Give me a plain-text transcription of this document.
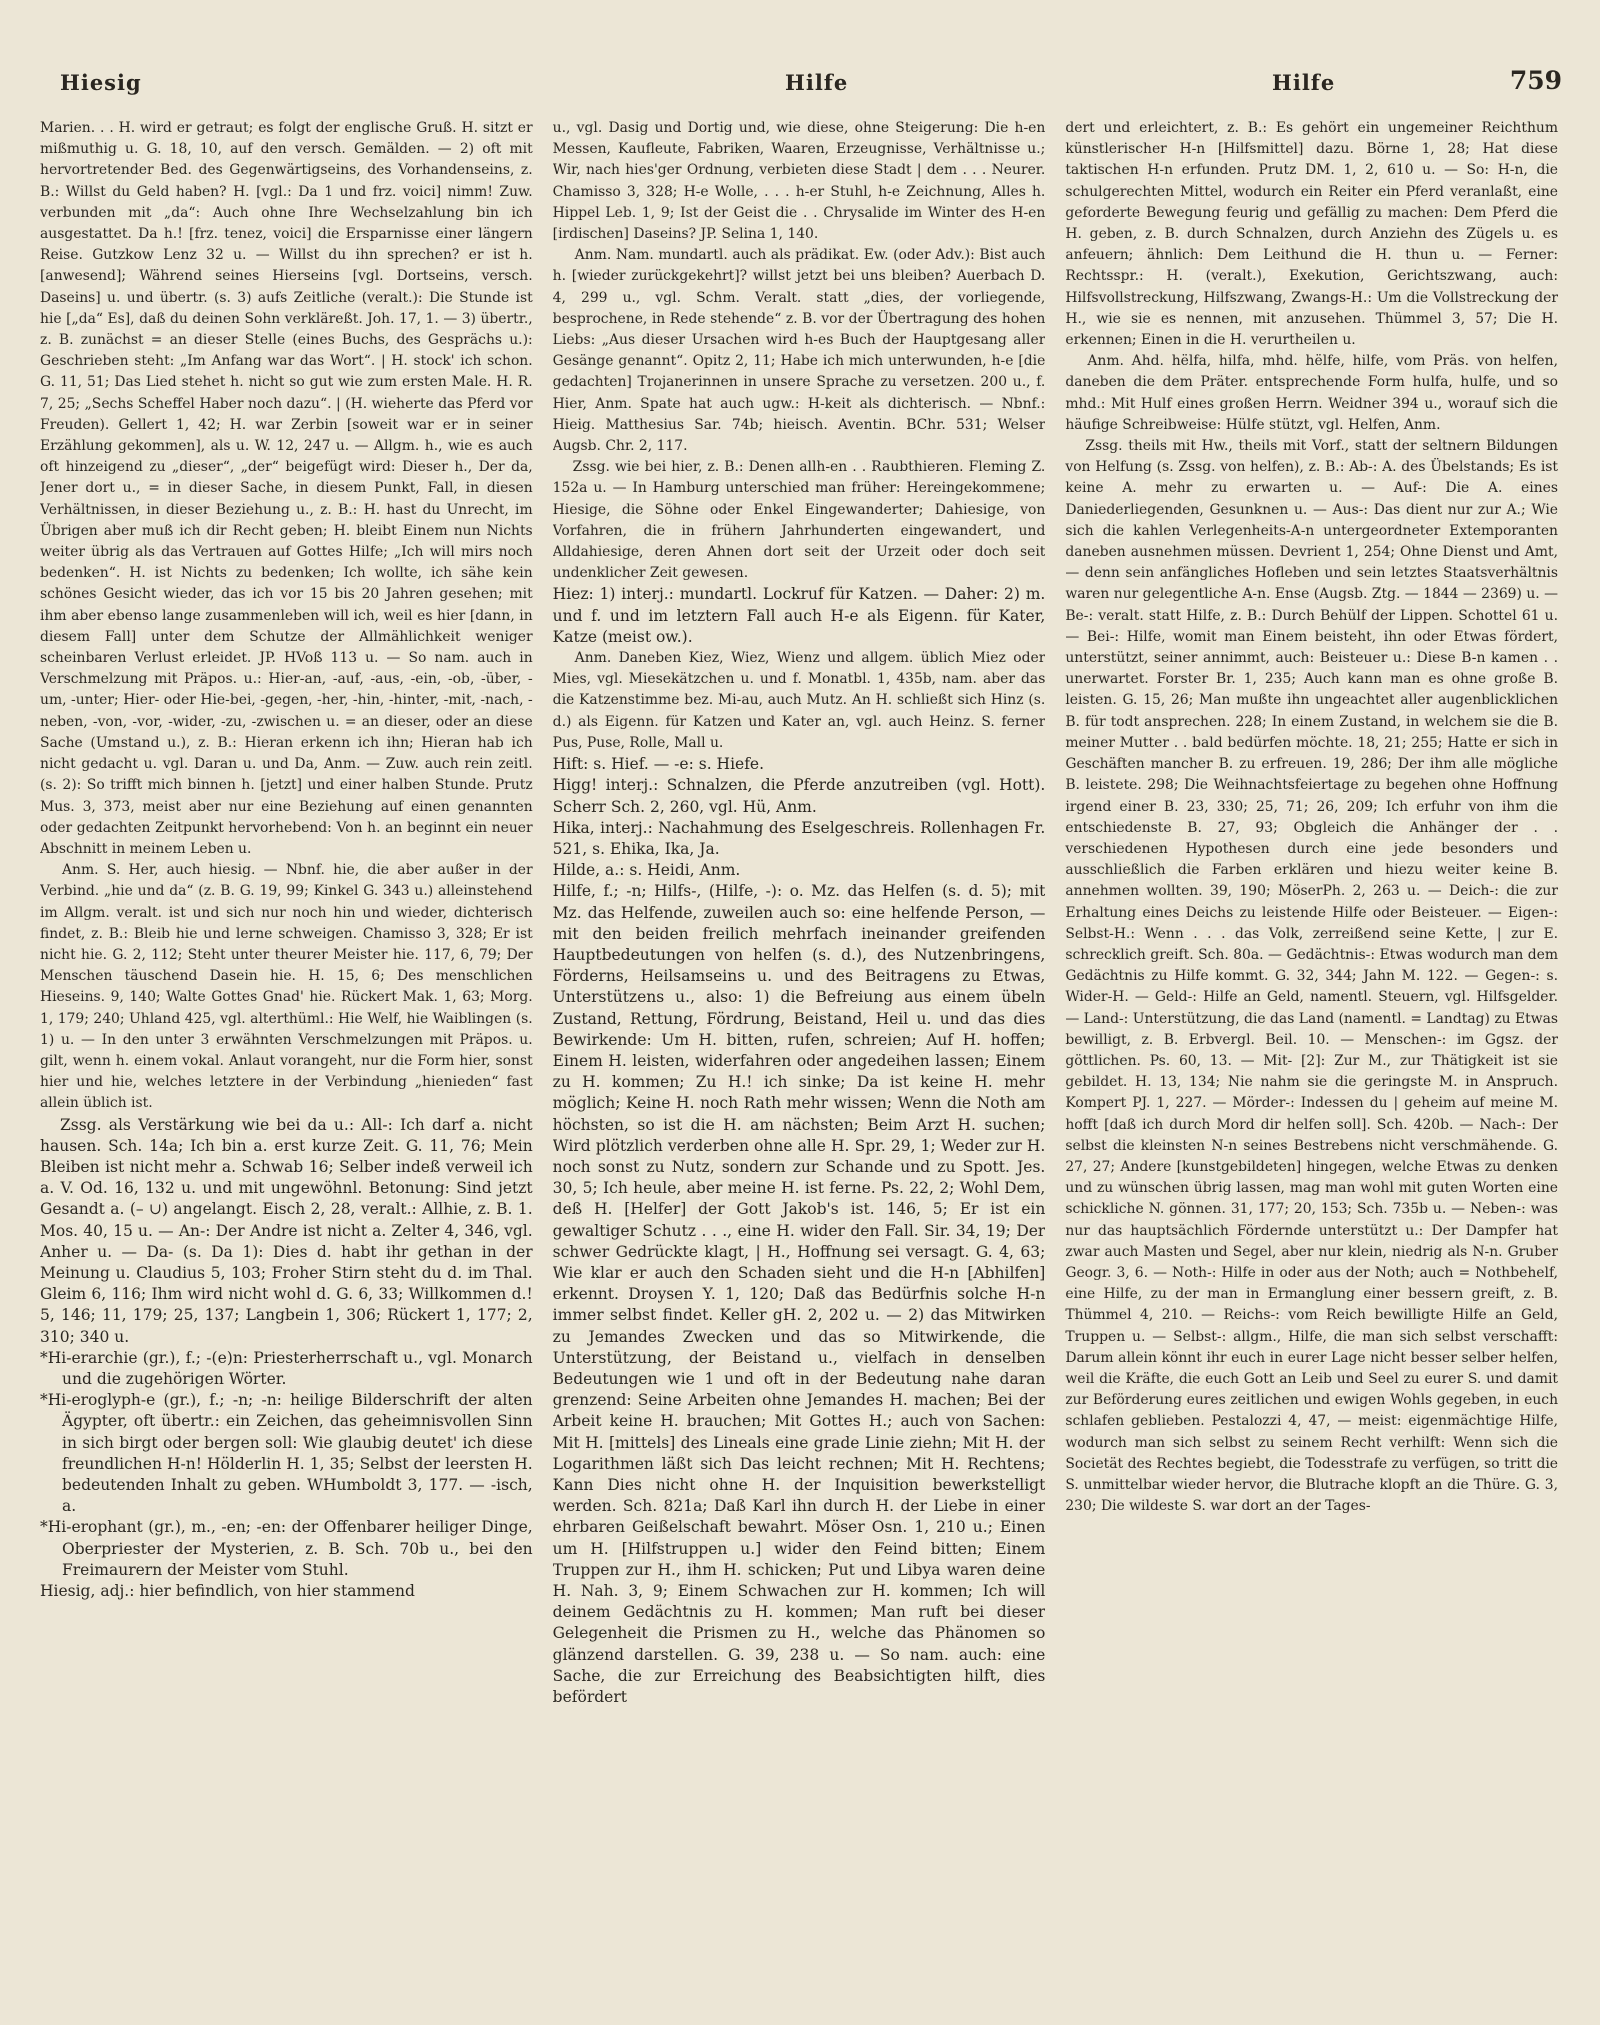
Hiesig	Hilfe	Hilfe	759

Marien. . . H. wird er getraut; es folgt der englische Gruß. H. sitzt er mißmuthig u. G. 18, 10, auf den versch. Gemälden. — 2) oft mit hervortretender Bed. des Gegenwärtigseins, des Vorhandenseins, z. B.: Willst du Geld haben? H. [vgl.: Da 1 und frz. voici] nimm! Zuw. verbunden mit „da“: Auch ohne Ihre Wechselzahlung bin ich ausgestattet. Da h.! [frz. tenez, voici] die Ersparnisse einer längern Reise. Gutzkow Lenz 32 u. — Willst du ihn sprechen? er ist h. [anwesend]; Während seines Hierseins [vgl. Dortseins, versch. Daseins] u. und übertr. (s. 3) aufs Zeitliche (veralt.): Die Stunde ist hie [„da“ Es], daß du deinen Sohn verkläreßt. Joh. 17, 1. — 3) übertr., z. B. zunächst = an dieser Stelle (eines Buchs, des Gesprächs u.): Geschrieben steht: „Im Anfang war das Wort“. | H. stock' ich schon. G. 11, 51; Das Lied stehet h. nicht so gut wie zum ersten Male. H. R. 7, 25; „Sechs Scheffel Haber noch dazu“. | (H. wieherte das Pferd vor Freuden). Gellert 1, 42; H. war Zerbin [soweit war er in seiner Erzählung gekommen], als u. W. 12, 247 u. — Allgm. h., wie es auch oft hinzeigend zu „dieser“, „der“ beigefügt wird: Dieser h., Der da, Jener dort u., = in dieser Sache, in diesem Punkt, Fall, in diesen Verhältnissen, in dieser Beziehung u., z. B.: H. hast du Unrecht, im Übrigen aber muß ich dir Recht geben; H. bleibt Einem nun Nichts weiter übrig als das Vertrauen auf Gottes Hilfe; „Ich will mirs noch bedenken“. H. ist Nichts zu bedenken; Ich wollte, ich sähe kein schönes Gesicht wieder, das ich vor 15 bis 20 Jahren gesehen; mit ihm aber ebenso lange zusammenleben will ich, weil es hier [dann, in diesem Fall] unter dem Schutze der Allmählichkeit weniger scheinbaren Verlust erleidet. JP. HVoß 113 u. — So nam. auch in Verschmelzung mit Präpos. u.: Hier-an, -auf, -aus, -ein, -ob, -über, -um, -unter; Hier- oder Hie-bei, -gegen, -her, -hin, -hinter, -mit, -nach, -neben, -von, -vor, -wider, -zu, -zwischen u. = an dieser, oder an diese Sache (Umstand u.), z. B.: Hieran erkenn ich ihn; Hieran hab ich nicht gedacht u. vgl. Daran u. und Da, Anm. — Zuw. auch rein zeitl. (s. 2): So trifft mich binnen h. [jetzt] und einer halben Stunde. Prutz Mus. 3, 373, meist aber nur eine Beziehung auf einen genannten oder gedachten Zeitpunkt hervorhebend: Von h. an beginnt ein neuer Abschnitt in meinem Leben u.

Anm. S. Her, auch hiesig. — Nbnf. hie, die aber außer in der Verbind. „hie und da“ (z. B. G. 19, 99; Kinkel G. 343 u.) alleinstehend im Allgm. veralt. ist und sich nur noch hin und wieder, dichterisch findet, z. B.: Bleib hie und lerne schweigen. Chamisso 3, 328; Er ist nicht hie. G. 2, 112; Steht unter theurer Meister hie. 117, 6, 79; Der Menschen täuschend Dasein hie. H. 15, 6; Des menschlichen Hieseins. 9, 140; Walte Gottes Gnad' hie. Rückert Mak. 1, 63; Morg. 1, 179; 240; Uhland 425, vgl. alterthüml.: Hie Welf, hie Waiblingen (s. 1) u. — In den unter 3 erwähnten Verschmelzungen mit Präpos. u. gilt, wenn h. einem vokal. Anlaut vorangeht, nur die Form hier, sonst hier und hie, welches letztere in der Verbindung „hienieden“ fast allein üblich ist.

Zssg. als Verstärkung wie bei da u.: All-: Ich darf a. nicht hausen. Sch. 14a; Ich bin a. erst kurze Zeit. G. 11, 76; Mein Bleiben ist nicht mehr a. Schwab 16; Selber indeß verweil ich a. V. Od. 16, 132 u. und mit ungewöhnl. Betonung: Sind jetzt Gesandt a. (– ∪) angelangt. Eisch 2, 28, veralt.: Allhie, z. B. 1. Mos. 40, 15 u. — An-: Der Andre ist nicht a. Zelter 4, 346, vgl. Anher u. — Da- (s. Da 1): Dies d. habt ihr gethan in der Meinung u. Claudius 5, 103; Froher Stirn steht du d. im Thal. Gleim 6, 116; Ihm wird nicht wohl d. G. 6, 33; Willkommen d.! 5, 146; 11, 179; 25, 137; Langbein 1, 306; Rückert 1, 177; 2, 310; 340 u.

*Hi-erarchie (gr.), f.; -(e)n: Priesterherrschaft u., vgl. Monarch und die zugehörigen Wörter.

*Hi-eroglyph-e (gr.), f.; -n; -n: heilige Bilderschrift der alten Ägypter, oft übertr.: ein Zeichen, das geheimnisvollen Sinn in sich birgt oder bergen soll: Wie glaubig deutet' ich diese freundlichen H-n! Hölderlin H. 1, 35; Selbst der leersten H. bedeutenden Inhalt zu geben. WHumboldt 3, 177. — -isch, a.

*Hi-erophant (gr.), m., -en; -en: der Offenbarer heiliger Dinge, Oberpriester der Mysterien, z. B. Sch. 70b u., bei den Freimaurern der Meister vom Stuhl.

Hiesig, adj.: hier befindlich, von hier stammend

u., vgl. Dasig und Dortig und, wie diese, ohne Steigerung: Die h-en Messen, Kaufleute, Fabriken, Waaren, Erzeugnisse, Verhältnisse u.; Wir, nach hies'ger Ordnung, verbieten diese Stadt | dem . . . Neurer. Chamisso 3, 328; H-e Wolle, . . . h-er Stuhl, h-e Zeichnung, Alles h. Hippel Leb. 1, 9; Ist der Geist die . . Chrysalide im Winter des H-en [irdischen] Daseins? JP. Selina 1, 140.

Anm. Nam. mundartl. auch als prädikat. Ew. (oder Adv.): Bist auch h. [wieder zurückgekehrt]? willst jetzt bei uns bleiben? Auerbach D. 4, 299 u., vgl. Schm. Veralt. statt „dies, der vorliegende, besprochene, in Rede stehende“ z. B. vor der Übertragung des hohen Liebs: „Aus dieser Ursachen wird h-es Buch der Hauptgesang aller Gesänge genannt“. Opitz 2, 11; Habe ich mich unterwunden, h-e [die gedachten] Trojanerinnen in unsere Sprache zu versetzen. 200 u., f. Hier, Anm. Spate hat auch ugw.: H-keit als dichterisch. — Nbnf.: Hieig. Matthesius Sar. 74b; hieisch. Aventin. BChr. 531; Welser Augsb. Chr. 2, 117.

Zssg. wie bei hier, z. B.: Denen allh-en . . Raubthieren. Fleming Z. 152a u. — In Hamburg unterschied man früher: Hereingekommene; Hiesige, die Söhne oder Enkel Eingewanderter; Dahiesige, von Vorfahren, die in frühern Jahrhunderten eingewandert, und Alldahiesige, deren Ahnen dort seit der Urzeit oder doch seit undenklicher Zeit gewesen.

Hiez: 1) interj.: mundartl. Lockruf für Katzen. — Daher: 2) m. und f. und im letztern Fall auch H-e als Eigenn. für Kater, Katze (meist ow.).

Anm. Daneben Kiez, Wiez, Wienz und allgem. üblich Miez oder Mies, vgl. Miesekätzchen u. und f. Monatbl. 1, 435b, nam. aber das die Katzenstimme bez. Mi-au, auch Mutz. An H. schließt sich Hinz (s. d.) als Eigenn. für Katzen und Kater an, vgl. auch Heinz. S. ferner Pus, Puse, Rolle, Mall u.

Hift: s. Hief. — -e: s. Hiefe.

Higg! interj.: Schnalzen, die Pferde anzutreiben (vgl. Hott). Scherr Sch. 2, 260, vgl. Hü, Anm.

Hika, interj.: Nachahmung des Eselgeschreis. Rollenhagen Fr. 521, s. Ehika, Ika, Ja.

Hilde, a.: s. Heidi, Anm.

Hilfe, f.; -n; Hilfs-, (Hilfe, -): o. Mz. das Helfen (s. d. 5); mit Mz. das Helfende, zuweilen auch so: eine helfende Person, — mit den beiden freilich mehrfach ineinander greifenden Hauptbedeutungen von helfen (s. d.), des Nutzenbringens, Förderns, Heilsamseins u. und des Beitragens zu Etwas, Unterstützens u., also: 1) die Befreiung aus einem übeln Zustand, Rettung, Fördrung, Beistand, Heil u. und das dies Bewirkende: Um H. bitten, rufen, schreien; Auf H. hoffen; Einem H. leisten, widerfahren oder angedeihen lassen; Einem zu H. kommen; Zu H.! ich sinke; Da ist keine H. mehr möglich; Keine H. noch Rath mehr wissen; Wenn die Noth am höchsten, so ist die H. am nächsten; Beim Arzt H. suchen; Wird plötzlich verderben ohne alle H. Spr. 29, 1; Weder zur H. noch sonst zu Nutz, sondern zur Schande und zu Spott. Jes. 30, 5; Ich heule, aber meine H. ist ferne. Ps. 22, 2; Wohl Dem, deß H. [Helfer] der Gott Jakob's ist. 146, 5; Er ist ein gewaltiger Schutz . . ., eine H. wider den Fall. Sir. 34, 19; Der schwer Gedrückte klagt, | H., Hoffnung sei versagt. G. 4, 63; Wie klar er auch den Schaden sieht und die H-n [Abhilfen] erkennt. Droysen Y. 1, 120; Daß das Bedürfnis solche H-n immer selbst findet. Keller gH. 2, 202 u. — 2) das Mitwirken zu Jemandes Zwecken und das so Mitwirkende, die Unterstützung, der Beistand u., vielfach in denselben Bedeutungen wie 1 und oft in der Bedeutung nahe daran grenzend: Seine Arbeiten ohne Jemandes H. machen; Bei der Arbeit keine H. brauchen; Mit Gottes H.; auch von Sachen: Mit H. [mittels] des Lineals eine grade Linie ziehn; Mit H. der Logarithmen läßt sich Das leicht rechnen; Mit H. Rechtens; Kann Dies nicht ohne H. der Inquisition bewerkstelligt werden. Sch. 821a; Daß Karl ihn durch H. der Liebe in einer ehrbaren Geißelschaft bewahrt. Möser Osn. 1, 210 u.; Einen um H. [Hilfstruppen u.] wider den Feind bitten; Einem Truppen zur H., ihm H. schicken; Put und Libya waren deine H. Nah. 3, 9; Einem Schwachen zur H. kommen; Ich will deinem Gedächtnis zu H. kommen; Man ruft bei dieser Gelegenheit die Prismen zu H., welche das Phänomen so glänzend darstellen. G. 39, 238 u. — So nam. auch: eine Sache, die zur Erreichung des Beabsichtigten hilft, dies befördert

dert und erleichtert, z. B.: Es gehört ein ungemeiner Reichthum künstlerischer H-n [Hilfsmittel] dazu. Börne 1, 28; Hat diese taktischen H-n erfunden. Prutz DM. 1, 2, 610 u. — So: H-n, die schulgerechten Mittel, wodurch ein Reiter ein Pferd veranlaßt, eine geforderte Bewegung feurig und gefällig zu machen: Dem Pferd die H. geben, z. B. durch Schnalzen, durch Anziehn des Zügels u. es anfeuern; ähnlich: Dem Leithund die H. thun u. — Ferner: Rechtsspr.: H. (veralt.), Exekution, Gerichtszwang, auch: Hilfsvollstreckung, Hilfszwang, Zwangs-H.: Um die Vollstreckung der H., wie sie es nennen, mit anzusehen. Thümmel 3, 57; Die H. erkennen; Einen in die H. verurtheilen u.

Anm. Ahd. hëlfa, hilfa, mhd. hëlfe, hilfe, vom Präs. von helfen, daneben die dem Präter. entsprechende Form hulfa, hulfe, und so mhd.: Mit Hulf eines großen Herrn. Weidner 394 u., worauf sich die häufige Schreibweise: Hülfe stützt, vgl. Helfen, Anm.

Zssg. theils mit Hw., theils mit Vorf., statt der seltnern Bildungen von Helfung (s. Zssg. von helfen), z. B.: Ab-: A. des Übelstands; Es ist keine A. mehr zu erwarten u. — Auf-: Die A. eines Daniederliegenden, Gesunknen u. — Aus-: Das dient nur zur A.; Wie sich die kahlen Verlegenheits-A-n untergeordneter Extemporanten daneben ausnehmen müssen. Devrient 1, 254; Ohne Dienst und Amt, — denn sein anfängliches Hofleben und sein letztes Staatsverhältnis waren nur gelegentliche A-n. Ense (Augsb. Ztg. — 1844 — 2369) u. — Be-: veralt. statt Hilfe, z. B.: Durch Behülf der Lippen. Schottel 61 u. — Bei-: Hilfe, womit man Einem beisteht, ihn oder Etwas fördert, unterstützt, seiner annimmt, auch: Beisteuer u.: Diese B-n kamen . . unerwartet. Forster Br. 1, 235; Auch kann man es ohne große B. leisten. G. 15, 26; Man mußte ihn ungeachtet aller augenblicklichen B. für todt ansprechen. 228; In einem Zustand, in welchem sie die B. meiner Mutter . . bald bedürfen möchte. 18, 21; 255; Hatte er sich in Geschäften mancher B. zu erfreuen. 19, 286; Der ihm alle mögliche B. leistete. 298; Die Weihnachtsfeiertage zu begehen ohne Hoffnung irgend einer B. 23, 330; 25, 71; 26, 209; Ich erfuhr von ihm die entschiedenste B. 27, 93; Obgleich die Anhänger der . . verschiedenen Hypothesen durch eine jede besonders und ausschließlich die Farben erklären und hiezu weiter keine B. annehmen wollten. 39, 190; MöserPh. 2, 263 u. — Deich-: die zur Erhaltung eines Deichs zu leistende Hilfe oder Beisteuer. — Eigen-: Selbst-H.: Wenn . . . das Volk, zerreißend seine Kette, | zur E. schrecklich greift. Sch. 80a. — Gedächtnis-: Etwas wodurch man dem Gedächtnis zu Hilfe kommt. G. 32, 344; Jahn M. 122. — Gegen-: s. Wider-H. — Geld-: Hilfe an Geld, namentl. Steuern, vgl. Hilfsgelder. — Land-: Unterstützung, die das Land (namentl. = Landtag) zu Etwas bewilligt, z. B. Erbvergl. Beil. 10. — Menschen-: im Ggsz. der göttlichen. Ps. 60, 13. — Mit- [2]: Zur M., zur Thätigkeit ist sie gebildet. H. 13, 134; Nie nahm sie die geringste M. in Anspruch. Kompert PJ. 1, 227. — Mörder-: Indessen du | geheim auf meine M. hofft [daß ich durch Mord dir helfen soll]. Sch. 420b. — Nach-: Der selbst die kleinsten N-n seines Bestrebens nicht verschmähende. G. 27, 27; Andere [kunstgebildeten] hingegen, welche Etwas zu denken und zu wünschen übrig lassen, mag man wohl mit guten Worten eine schickliche N. gönnen. 31, 177; 20, 153; Sch. 735b u. — Neben-: was nur das hauptsächlich Fördernde unterstützt u.: Der Dampfer hat zwar auch Masten und Segel, aber nur klein, niedrig als N-n. Gruber Geogr. 3, 6. — Noth-: Hilfe in oder aus der Noth; auch = Nothbehelf, eine Hilfe, zu der man in Ermanglung einer bessern greift, z. B. Thümmel 4, 210. — Reichs-: vom Reich bewilligte Hilfe an Geld, Truppen u. — Selbst-: allgm., Hilfe, die man sich selbst verschafft: Darum allein könnt ihr euch in eurer Lage nicht besser selber helfen, weil die Kräfte, die euch Gott an Leib und Seel zu eurer S. und damit zur Beförderung eures zeitlichen und ewigen Wohls gegeben, in euch schlafen geblieben. Pestalozzi 4, 47, — meist: eigenmächtige Hilfe, wodurch man sich selbst zu seinem Recht verhilft: Wenn sich die Societät des Rechtes begiebt, die Todesstrafe zu verfügen, so tritt die S. unmittelbar wieder hervor, die Blutrache klopft an die Thüre. G. 3, 230; Die wildeste S. war dort an der Tages-
